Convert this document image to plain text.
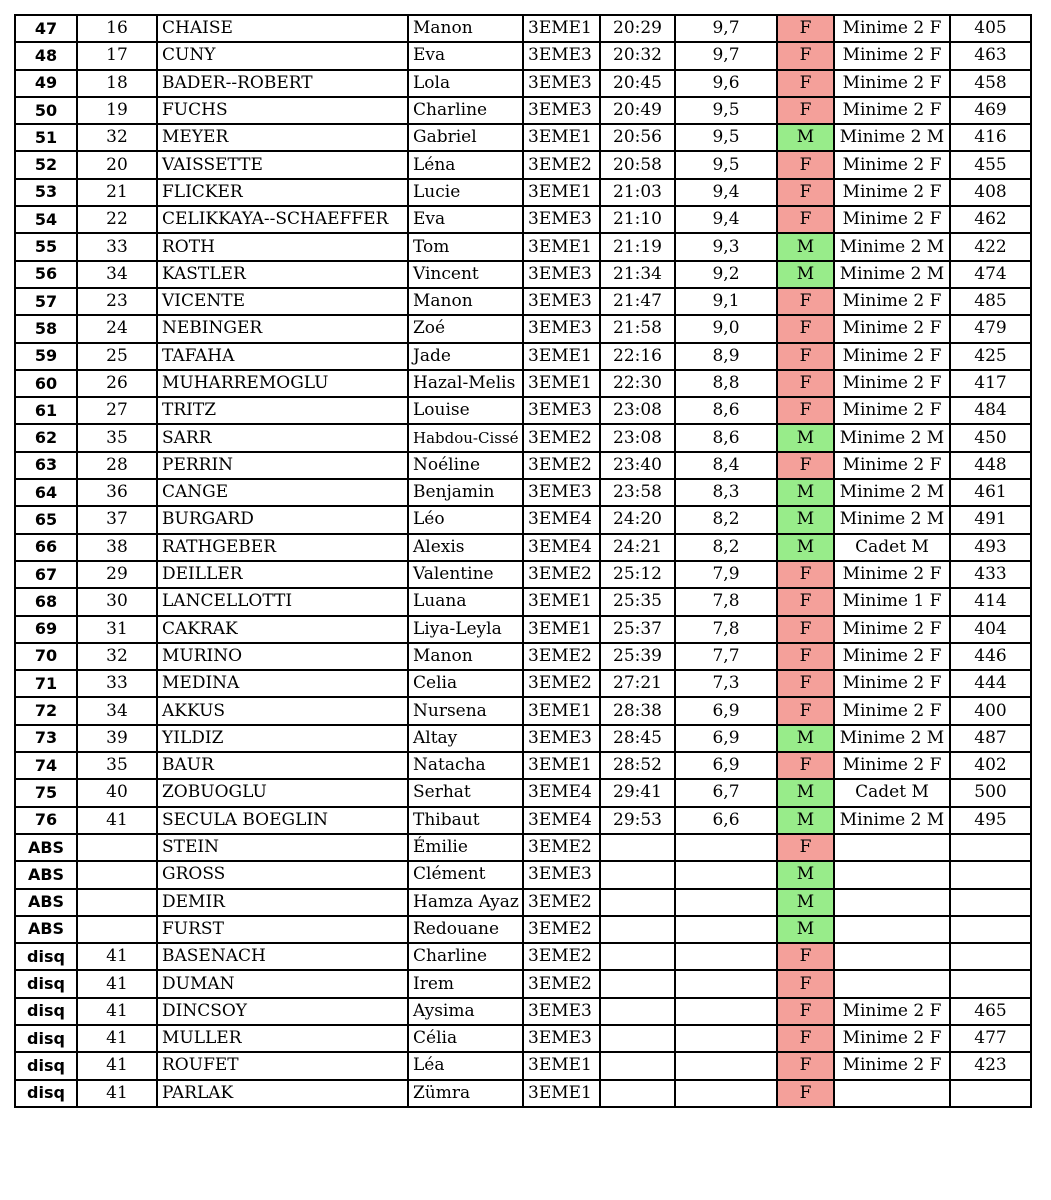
47	16	CHAISE	Manon	3EME1	20:29	9,7	F	Minime 2 F	405
48	17	CUNY	Eva	3EME3	20:32	9,7	F	Minime 2 F	463
49	18	BADER--ROBERT	Lola	3EME3	20:45	9,6	F	Minime 2 F	458
50	19	FUCHS	Charline	3EME3	20:49	9,5	F	Minime 2 F	469
51	32	MEYER	Gabriel	3EME1	20:56	9,5	M	Minime 2 M	416
52	20	VAISSETTE	Léna	3EME2	20:58	9,5	F	Minime 2 F	455
53	21	FLICKER	Lucie	3EME1	21:03	9,4	F	Minime 2 F	408
54	22	CELIKKAYA--SCHAEFFER	Eva	3EME3	21:10	9,4	F	Minime 2 F	462
55	33	ROTH	Tom	3EME1	21:19	9,3	M	Minime 2 M	422
56	34	KASTLER	Vincent	3EME3	21:34	9,2	M	Minime 2 M	474
57	23	VICENTE	Manon	3EME3	21:47	9,1	F	Minime 2 F	485
58	24	NEBINGER	Zoé	3EME3	21:58	9,0	F	Minime 2 F	479
59	25	TAFAHA	Jade	3EME1	22:16	8,9	F	Minime 2 F	425
60	26	MUHARREMOGLU	Hazal-Melis	3EME1	22:30	8,8	F	Minime 2 F	417
61	27	TRITZ	Louise	3EME3	23:08	8,6	F	Minime 2 F	484
62	35	SARR	Habdou-Cissé	3EME2	23:08	8,6	M	Minime 2 M	450
63	28	PERRIN	Noéline	3EME2	23:40	8,4	F	Minime 2 F	448
64	36	CANGE	Benjamin	3EME3	23:58	8,3	M	Minime 2 M	461
65	37	BURGARD	Léo	3EME4	24:20	8,2	M	Minime 2 M	491
66	38	RATHGEBER	Alexis	3EME4	24:21	8,2	M	Cadet M	493
67	29	DEILLER	Valentine	3EME2	25:12	7,9	F	Minime 2 F	433
68	30	LANCELLOTTI	Luana	3EME1	25:35	7,8	F	Minime 1 F	414
69	31	CAKRAK	Liya-Leyla	3EME1	25:37	7,8	F	Minime 2 F	404
70	32	MURINO	Manon	3EME2	25:39	7,7	F	Minime 2 F	446
71	33	MEDINA	Celia	3EME2	27:21	7,3	F	Minime 2 F	444
72	34	AKKUS	Nursena	3EME1	28:38	6,9	F	Minime 2 F	400
73	39	YILDIZ	Altay	3EME3	28:45	6,9	M	Minime 2 M	487
74	35	BAUR	Natacha	3EME1	28:52	6,9	F	Minime 2 F	402
75	40	ZOBUOGLU	Serhat	3EME4	29:41	6,7	M	Cadet M	500
76	41	SECULA BOEGLIN	Thibaut	3EME4	29:53	6,6	M	Minime 2 M	495
ABS		STEIN	Émilie	3EME2			F		
ABS		GROSS	Clément	3EME3			M		
ABS		DEMIR	Hamza Ayaz	3EME2			M		
ABS		FURST	Redouane	3EME2			M		
disq	41	BASENACH	Charline	3EME2			F		
disq	41	DUMAN	Irem	3EME2			F		
disq	41	DINCSOY	Aysima	3EME3			F	Minime 2 F	465
disq	41	MULLER	Célia	3EME3			F	Minime 2 F	477
disq	41	ROUFET	Léa	3EME1			F	Minime 2 F	423
disq	41	PARLAK	Zümra	3EME1			F		
